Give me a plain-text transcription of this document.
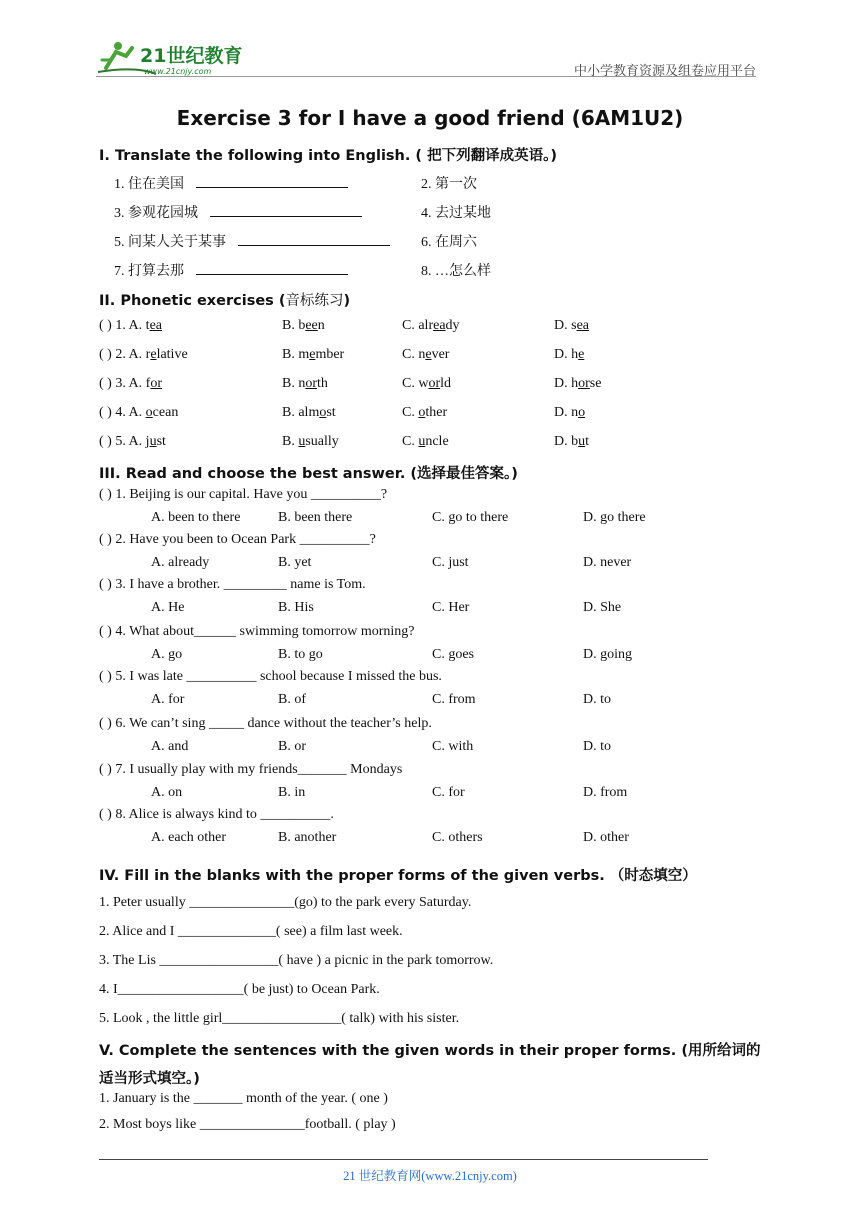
21世纪教育
www.21cnjy.com	中小学教育资源及组卷应用平台
Exercise 3 for I have a good friend (6AM1U2)
I. Translate the following into English. ( 把下列翻译成英语。)
1. 住在美国	2. 第一次
3. 参观花园城	4. 去过某地
5. 问某人关于某事	6. 在周六
7. 打算去那	8. …怎么样
II. Phonetic exercises (音标练习)
( ) 1. A. tea	B. been	C. already	D. sea
( ) 2. A. relative	B. member	C. never	D. he
( ) 3. A. for	B. north	C. world	D. horse
( ) 4. A. ocean	B. almost	C. other	D. no
( ) 5. A. just	B. usually	C. uncle	D. but
III. Read and choose the best answer. (选择最佳答案。)
( ) 1. Beijing is our capital. Have you __________?
A. been to there	B. been there	C. go to there	D. go there
( ) 2. Have you been to Ocean Park __________?
A. already	B. yet	C. just	D. never
( ) 3. I have a brother. _________ name is Tom.
A. He	B. His	C. Her	D. She
( ) 4. What about______ swimming tomorrow morning?
A. go	B. to go	C. goes	D. going
( ) 5. I was late __________ school because I missed the bus.
A. for	B. of	C. from	D. to
( ) 6. We can’t sing _____ dance without the teacher’s help.
A. and	B. or	C. with	D. to
( ) 7. I usually play with my friends_______ Mondays
A. on	B. in	C. for	D. from
( ) 8. Alice is always kind to __________.
A. each other	B. another	C. others	D. other
IV. Fill in the blanks with the proper forms of the given verbs. （时态填空）
1. Peter usually _______________(go) to the park every Saturday.
2. Alice and I ______________( see) a film last week.
3. The Lis _________________( have ) a picnic in the park tomorrow.
4. I__________________( be just) to Ocean Park.
5. Look , the little girl_________________( talk) with his sister.
V. Complete the sentences with the given words in their proper forms. (用所给词的
适当形式填空。)
1. January is the _______ month of the year. ( one )
2. Most boys like _______________football. ( play )
21 世纪教育网(www.21cnjy.com)
